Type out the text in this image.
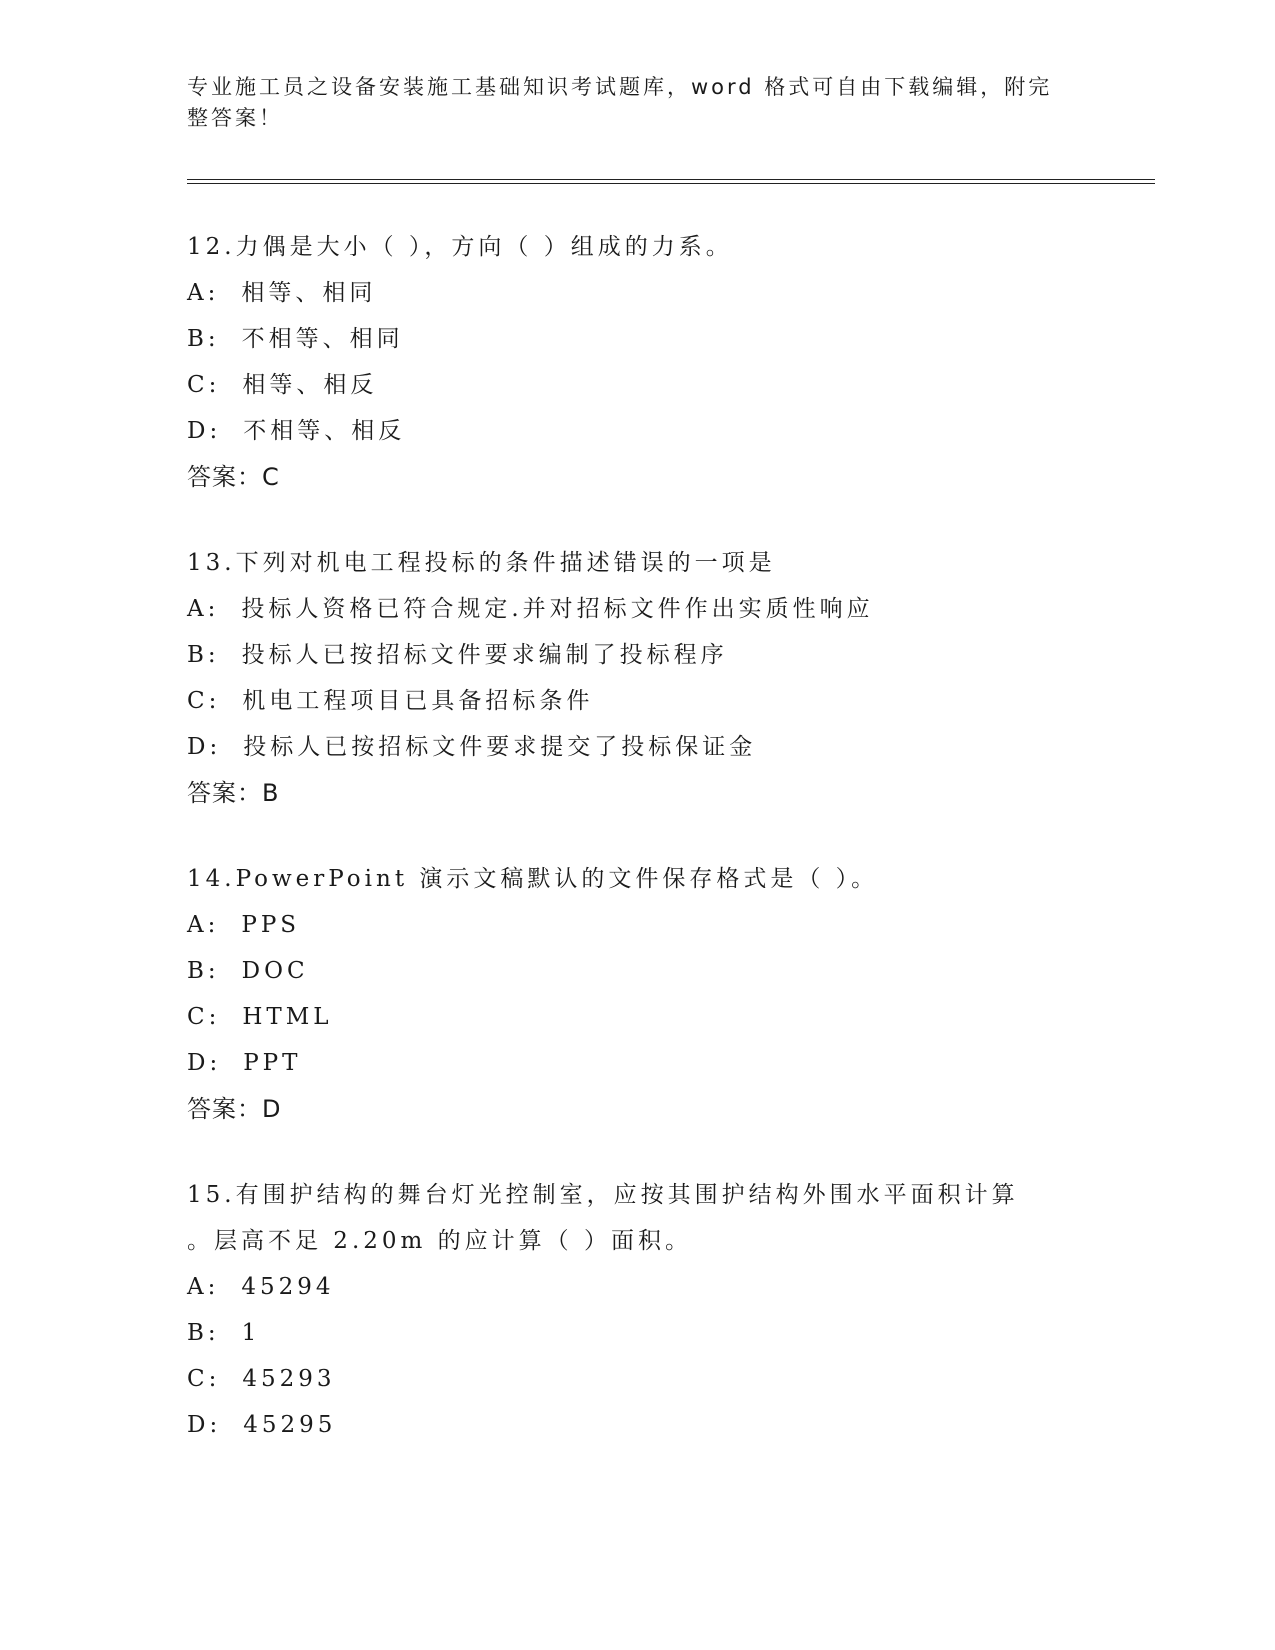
专业施工员之设备安装施工基础知识考试题库，word 格式可自由下载编辑，附完整答案！
12.力偶是大小（ ），方向（ ）组成的力系。
A: 相等、相同
B: 不相等、相同
C: 相等、相反
D: 不相等、相反
答案：C
13.下列对机电工程投标的条件描述错误的一项是
A: 投标人资格已符合规定.并对招标文件作出实质性响应
B: 投标人已按招标文件要求编制了投标程序
C: 机电工程项目已具备招标条件
D: 投标人已按招标文件要求提交了投标保证金
答案：B
14.PowerPoint 演示文稿默认的文件保存格式是（ ）。
A: PPS
B: DOC
C: HTML
D: PPT
答案：D
15.有围护结构的舞台灯光控制室，应按其围护结构外围水平面积计算
。层高不足 2.20m 的应计算（ ）面积。
A: 45294
B: 1
C: 45293
D: 45295
